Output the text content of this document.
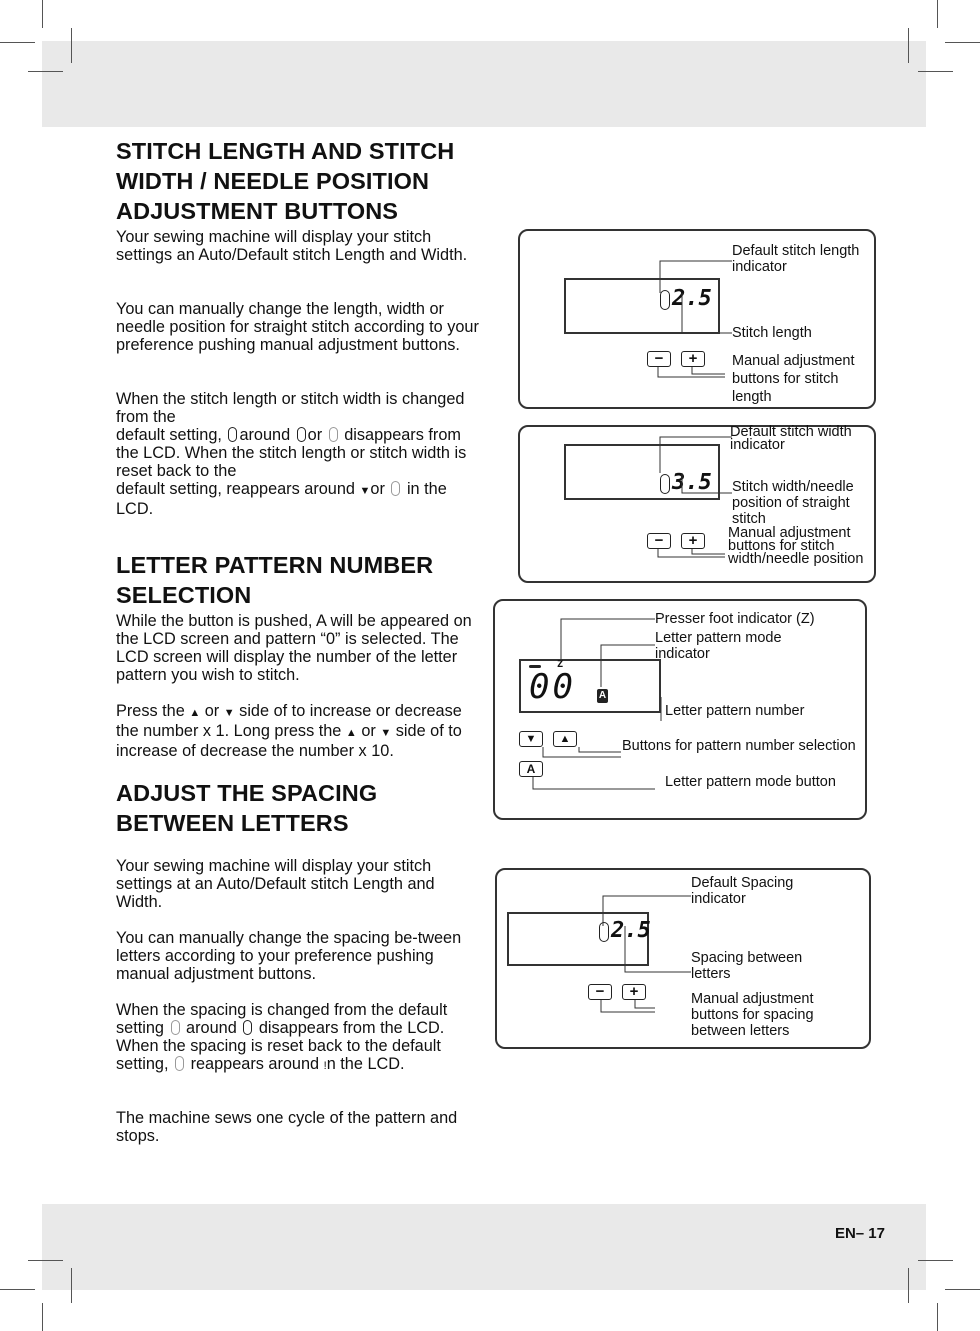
STITCH LENGTH AND STITCH
WIDTH / NEEDLE POSITION
ADJUSTMENT BUTTONS

Your sewing machine will display your stitch settings an Auto/Default stitch Length and Width.

You can manually change the length, width or needle position for straight stitch according to your preference pushing manual adjustment buttons.

When the stitch length or stitch width is changed from the
default setting, around or disappears from the LCD. When the stitch length or stitch width is reset back to the
default setting, reappears around ▼or in the LCD.

LETTER PATTERN NUMBER
SELECTION

While the button is pushed, A will be appeared on the LCD screen and pattern “0” is selected. The LCD screen will display the number of the letter pattern you wish to stitch.

Press the ▲ or ▼ side of to increase or decrease the number x 1. Long press the ▲ or ▼ side of to increase of decrease the number x 10.

ADJUST THE SPACING
BETWEEN LETTERS

Your sewing machine will display your stitch settings at an Auto/Default stitch Length and Width.

You can manually change the spacing be-tween letters according to your preference pushing manual adjustment buttons.

When the spacing is changed from the default setting around disappears from the LCD.
When the spacing is reset back to the default setting, reappears around !n the LCD.

The machine sews one cycle of the pattern and stops.

2.5
−	+
Default stitch length indicator
Stitch length
Manual adjustment buttons for stitch length
3.5
−	+
Default stitch width indicator
Stitch width/needle position of straight stitch
Manual adjustment buttons for stitch width/needle position
Z
00 A
▼	▲
A
Presser foot indicator (Z)
Letter pattern mode indicator
Letter pattern number
Buttons for pattern number selection
Letter pattern mode button
2.5
−	+
Default Spacing indicator
Spacing between letters
Manual adjustment buttons for spacing between letters
EN– 17
